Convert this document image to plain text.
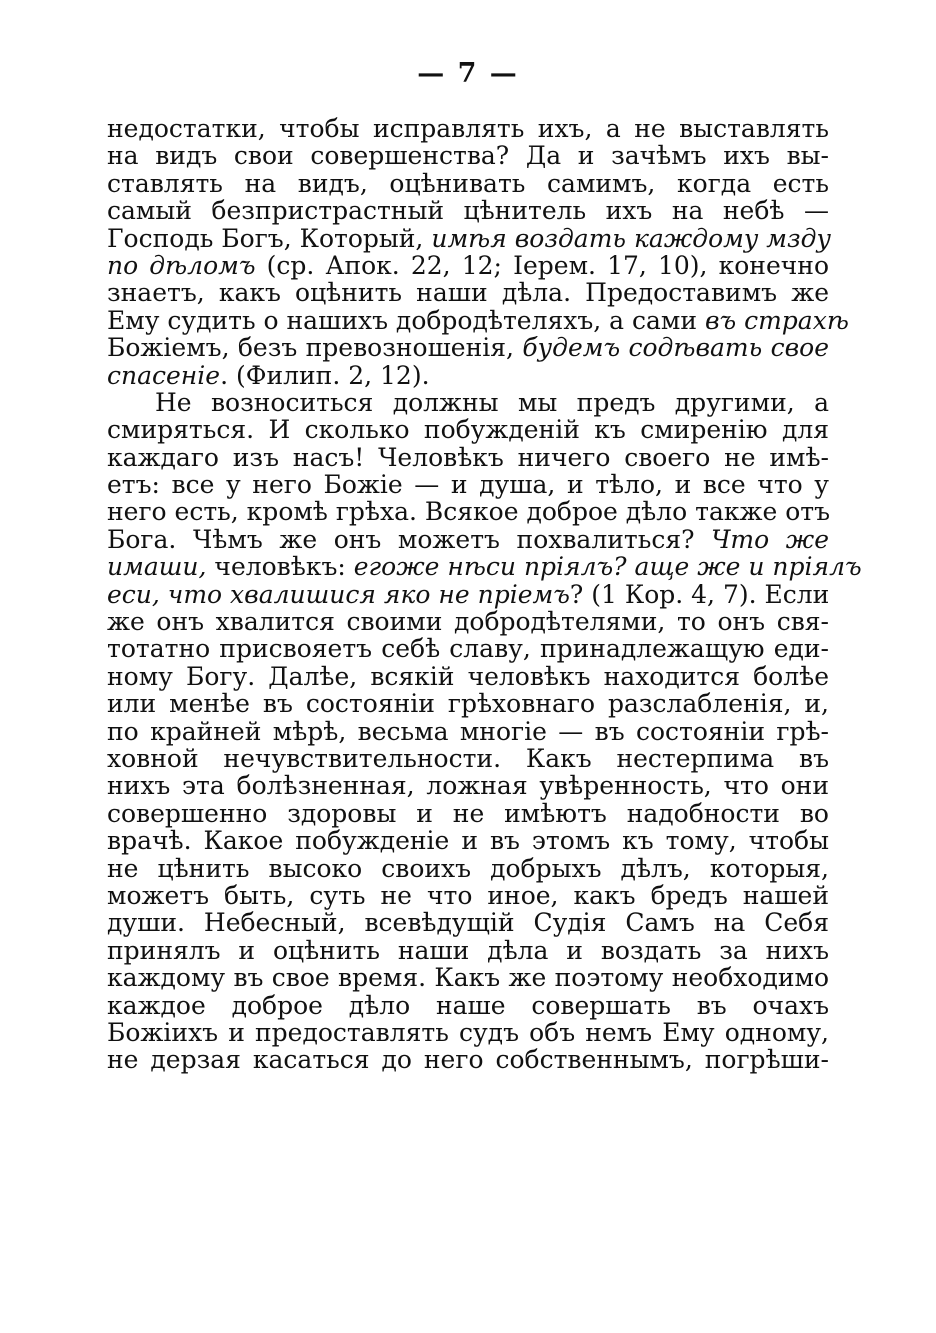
— 7 —
недостатки, чтобы исправлять ихъ, а не выставлять
на видъ свои совершенства? Да и зачѣмъ ихъ вы-
ставлять на видъ, оцѣнивать самимъ, когда есть
самый безпристрастный цѣнитель ихъ на небѣ —
Господь Богъ, Который, имѣя воздать каждому мзду
по дѣломъ (ср. Апок. 22, 12; Iерем. 17, 10), конечно
знаетъ, какъ оцѣнить наши дѣла. Предоставимъ же
Ему судить о нашихъ добродѣтеляхъ, а сами въ страхѣ
Божіемъ, безъ превозношенія, будемъ содѣвать свое
спасеніе. (Филип. 2, 12).
Не возноситься должны мы предъ другими, а
смиряться. И сколько побужденій къ смиренію для
каждаго изъ насъ! Человѣкъ ничего своего не имѣ-
етъ: все у него Божіе — и душа, и тѣло, и все что у
него есть, кромѣ грѣха. Всякое доброе дѣло также отъ
Бога. Чѣмъ же онъ можетъ похвалиться? Что же
имаши, человѣкъ: егоже нѣси пріялъ? аще же и пріялъ
еси, что хвалишися яко не пріемъ? (1 Кор. 4, 7). Если
же онъ хвалится своими добродѣтелями, то онъ свя-
тотатно присвояетъ себѣ славу, принадлежащую еди-
ному Богу. Далѣе, всякій человѣкъ находится болѣе
или менѣе въ состояніи грѣховнаго разслабленія, и,
по крайней мѣрѣ, весьма многіе — въ состояніи грѣ-
ховной нечувствительности. Какъ нестерпима въ
нихъ эта болѣзненная, ложная увѣренность, что они
совершенно здоровы и не имѣютъ надобности во
врачѣ. Какое побужденіе и въ этомъ къ тому, чтобы
не цѣнить высоко своихъ добрыхъ дѣлъ, которыя,
можетъ быть, суть не что иное, какъ бредъ нашей
души. Небесный, всевѣдущій Судія Самъ на Себя
принялъ и оцѣнить наши дѣла и воздать за нихъ
каждому въ свое время. Какъ же поэтому необходимо
каждое доброе дѣло наше совершать въ очахъ
Божіихъ и предоставлять судъ объ немъ Ему одному,
не дерзая касаться до него собственнымъ, погрѣши-
